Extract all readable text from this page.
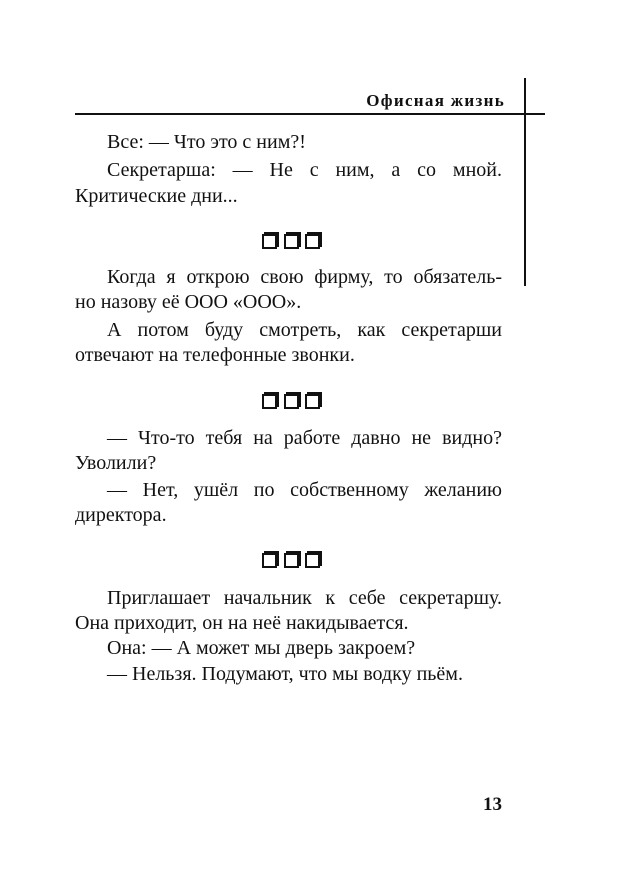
Офисная жизнь
Все: — Что это с ним?!
Секретарша: — Не с ним, а со мной.
Критические дни...
Когда я открою свою фирму, то обязатель-
но назову её ООО «ООО».
А потом буду смотреть, как секретарши
отвечают на телефонные звонки.
— Что-то тебя на работе давно не видно?
Уволили?
— Нет, ушёл по собственному желанию
директора.
Приглашает начальник к себе секретаршу.
Она приходит, он на неё накидывается.
Она: — А может мы дверь закроем?
— Нельзя. Подумают, что мы водку пьём.
13
